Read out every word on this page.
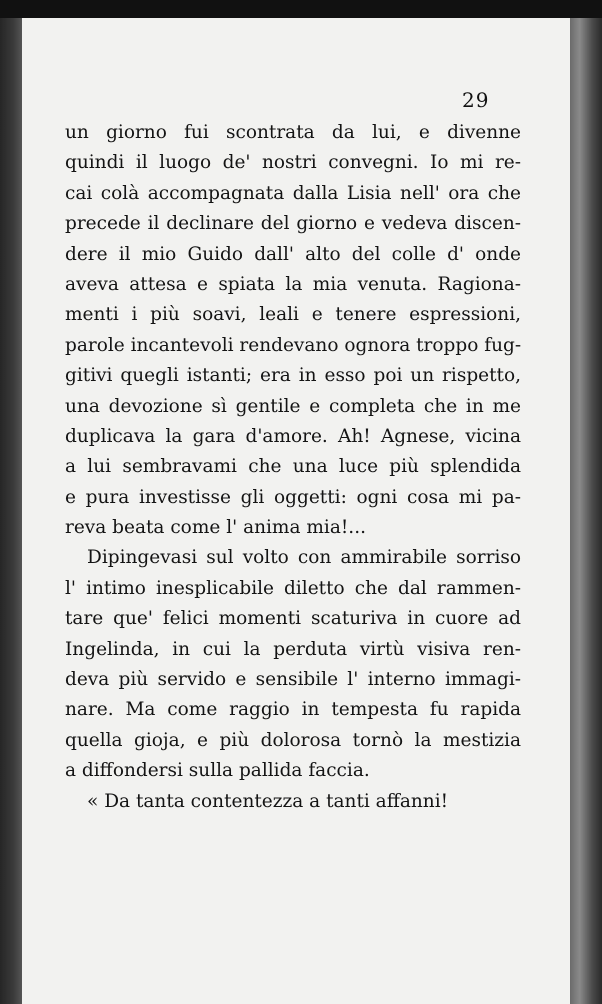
29
un giorno fui scontrata da lui, e divenne
quindi il luogo de' nostri convegni. Io mi re-
cai colà accompagnata dalla Lisia nell' ora che
precede il declinare del giorno e vedeva discen-
dere il mio Guido dall' alto del colle d' onde
aveva attesa e spiata la mia venuta. Ragiona-
menti i più soavi, leali e tenere espressioni,
parole incantevoli rendevano ognora troppo fug-
gitivi quegli istanti; era in esso poi un rispetto,
una devozione sì gentile e completa che in me
duplicava la gara d'amore. Ah! Agnese, vicina
a lui sembravami che una luce più splendida
e pura investisse gli oggetti: ogni cosa mi pa-
reva beata come l' anima mia!...
Dipingevasi sul volto con ammirabile sorriso
l' intimo inesplicabile diletto che dal rammen-
tare que' felici momenti scaturiva in cuore ad
Ingelinda, in cui la perduta virtù visiva ren-
deva più servido e sensibile l' interno immagi-
nare. Ma come raggio in tempesta fu rapida
quella gioja, e più dolorosa tornò la mestizia
a diffondersi sulla pallida faccia.
« Da tanta contentezza a tanti affanni!
